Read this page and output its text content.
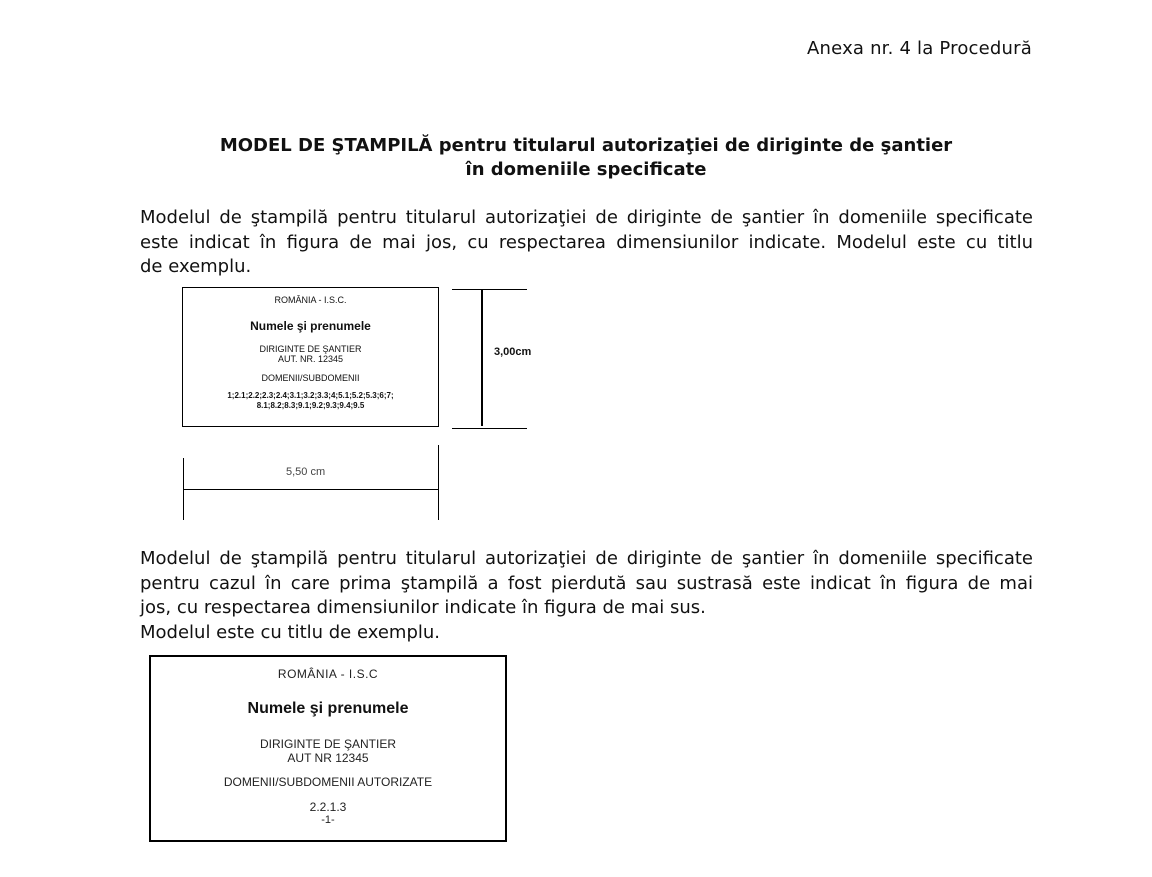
Anexa nr. 4 la Procedură
MODEL DE ŞTAMPILĂ pentru titularul autorizaţiei de diriginte de şantier
în domeniile specificate
Modelul de ştampilă pentru titularul autorizaţiei de diriginte de şantier în domeniile specificate
este indicat în figura de mai jos, cu respectarea dimensiunilor indicate. Modelul este cu titlu
de exemplu.
ROMÂNIA - I.S.C.
Numele şi prenumele
DIRIGINTE DE ŞANTIER
AUT. NR. 12345
DOMENII/SUBDOMENII
1;2.1;2.2;2.3;2.4;3.1;3.2;3.3;4;5.1;5.2;5.3;6;7;
8.1;8.2;8.3;9.1;9.2;9.3;9.4;9.5
3,00cm
5,50 cm
Modelul de ştampilă pentru titularul autorizaţiei de diriginte de şantier în domeniile specificate
pentru cazul în care prima ştampilă a fost pierdută sau sustrasă este indicat în figura de mai
jos, cu respectarea dimensiunilor indicate în figura de mai sus.
Modelul este cu titlu de exemplu.
ROMÂNIA - I.S.C
Numele şi prenumele
DIRIGINTE DE ŞANTIER
AUT NR 12345
DOMENII/SUBDOMENII AUTORIZATE
2.2.1.3
-1-
